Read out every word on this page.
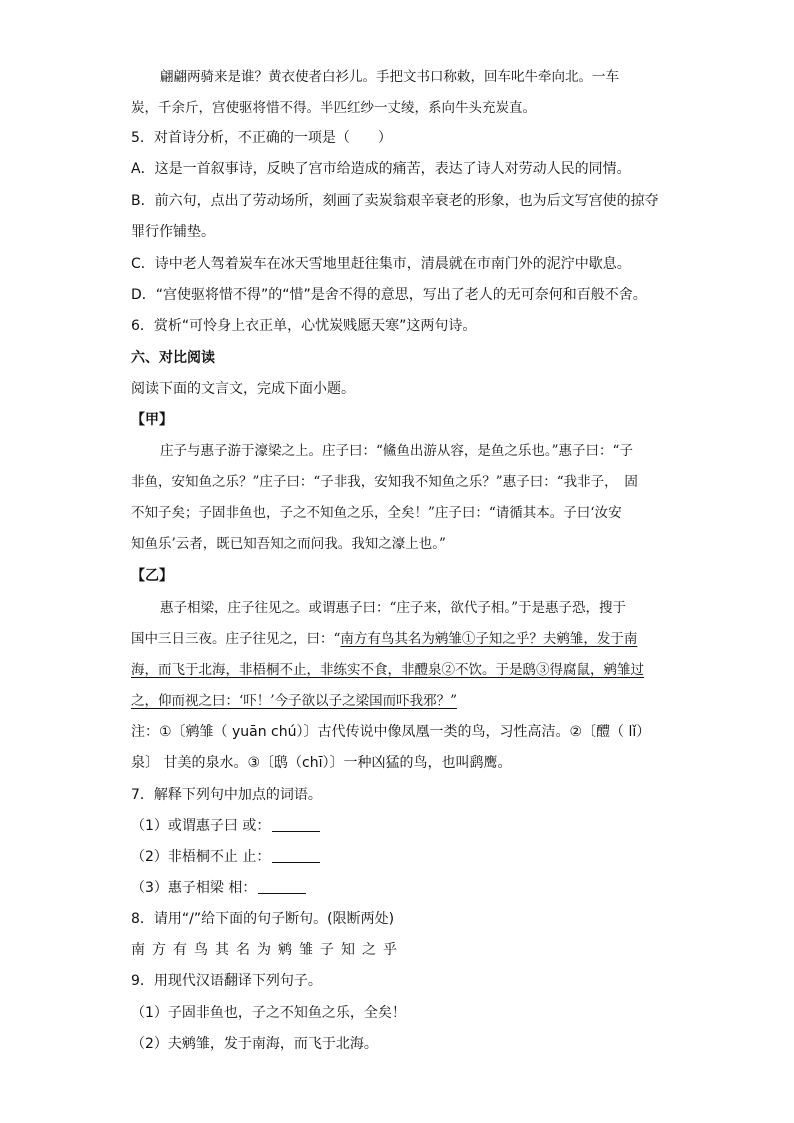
翩翩两骑来是谁？黄衣使者白衫儿。手把文书口称敕，回车叱牛牵向北。一车
炭，千余斤，宫使驱将惜不得。半匹红纱一丈绫，系向牛头充炭直。
5．对首诗分析，不正确的一项是（　　）
A．这是一首叙事诗，反映了宫市给造成的痛苦，表达了诗人对劳动人民的同情。
B．前六句，点出了劳动场所，刻画了卖炭翁艰辛衰老的形象，也为后文写宫使的掠夺
罪行作铺垫。
C．诗中老人驾着炭车在冰天雪地里赶往集市，清晨就在市南门外的泥泞中歇息。
D．“宫使驱将惜不得”的“惜”是舍不得的意思，写出了老人的无可奈何和百般不舍。
6．赏析“可怜身上衣正单，心忧炭贱愿天寒”这两句诗。
六、对比阅读
阅读下面的文言文，完成下面小题。
【甲】
庄子与惠子游于濠梁之上。庄子曰：“鯈鱼出游从容，是鱼之乐也。”惠子曰：“子
非鱼，安知鱼之乐？”庄子曰：“子非我，安知我不知鱼之乐？”惠子曰：“我非子，　固
不知子矣；子固非鱼也，子之不知鱼之乐，全矣！”庄子曰：“请循其本。子曰‘汝安
知鱼乐’云者，既已知吾知之而问我。我知之濠上也。”
【乙】
惠子相梁，庄子往见之。或谓惠子曰：“庄子来，欲代子相。”于是惠子恐，搜于
国中三日三夜。庄子往见之，曰：“南方有鸟其名为鹓雏①子知之乎？夫鹓雏，发于南
海，而飞于北海，非梧桐不止，非练实不食，非醴泉②不饮。于是鸱③得腐鼠，鹓雏过
之，仰而视之曰：‘吓！’今子欲以子之梁国而吓我邪？”
注：①〔鹓雏（ yuān chú）〕古代传说中像凤凰一类的鸟，习性高洁。②〔醴（ lǐ）
泉〕 甘美的泉水。③〔鸱（chī）〕一种凶猛的鸟，也叫鹞鹰。
7．解释下列句中加点的词语。
（1）或谓惠子曰 或：
（2）非梧桐不止 止：
（3）惠子相梁 相：
8．请用“/”给下面的句子断句。(限断两处)
南方有鸟其名为鹓雏子知之乎
9．用现代汉语翻译下列句子。
（1）子固非鱼也，子之不知鱼之乐，全矣！
（2）夫鹓雏，发于南海，而飞于北海。
